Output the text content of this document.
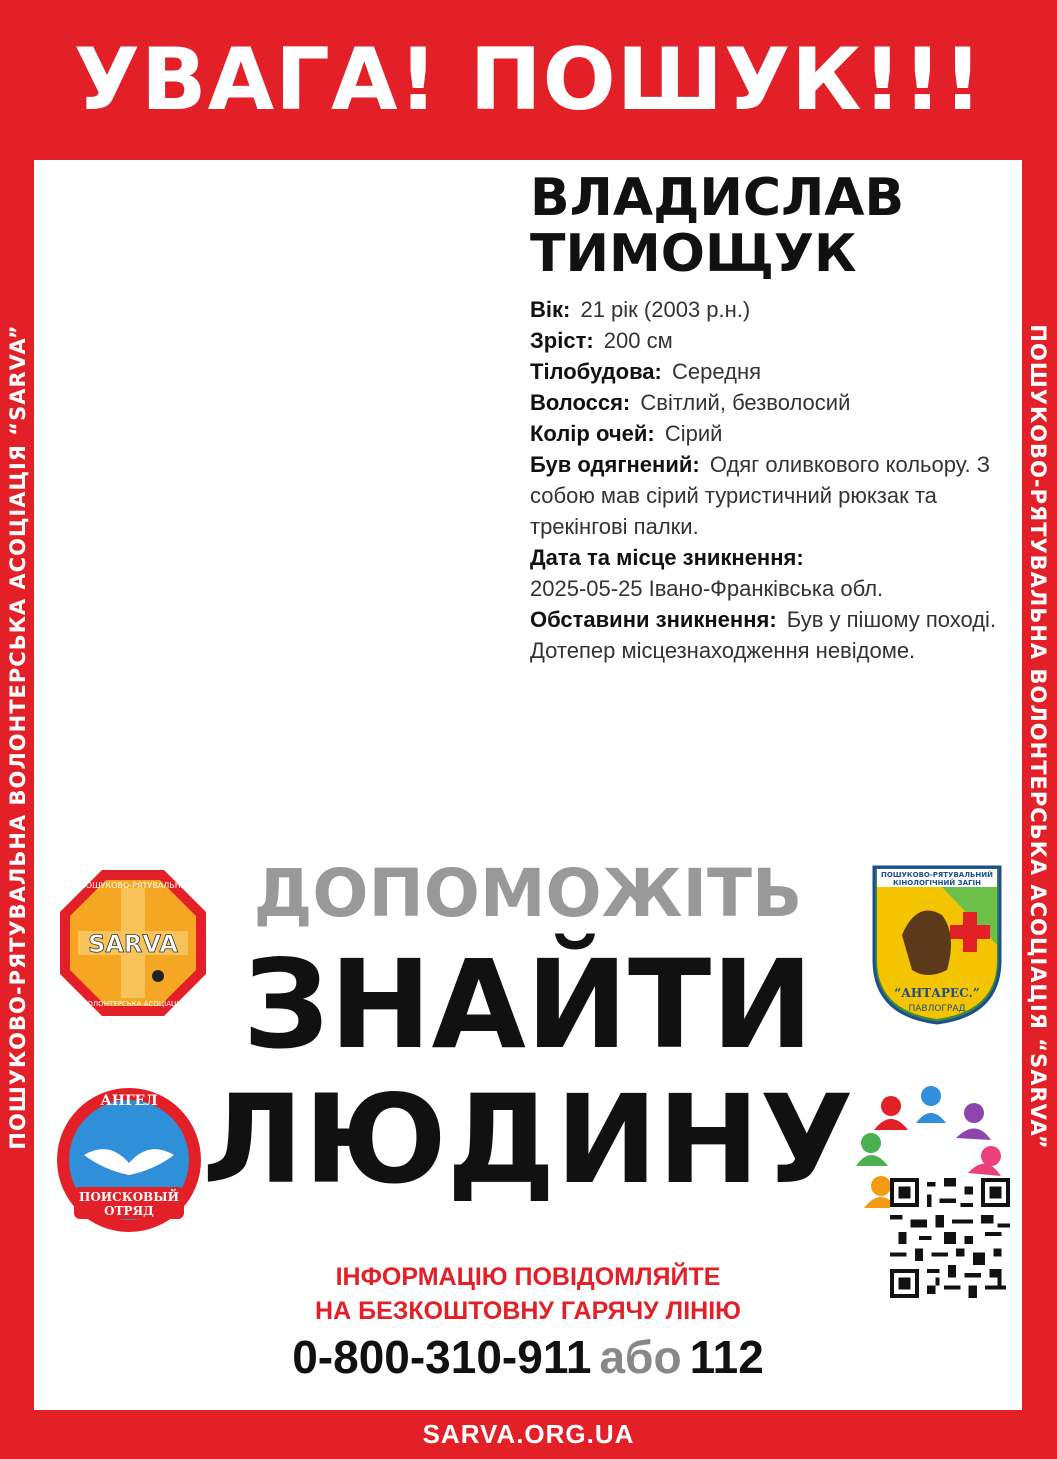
УВАГА! ПОШУК!!!
ПОШУКОВО-РЯТУВАЛЬНА ВОЛОНТЕРСЬКА АСОЦІАЦІЯ “SARVA”	ПОШУКОВО-РЯТУВАЛЬНА ВОЛОНТЕРСЬКА АСОЦІАЦІЯ “SARVA”
ВЛАДИСЛАВ
ТИМОЩУК
Вік: 21 рік (2003 р.н.)
Зріст: 200 см
Тілобудова: Середня
Волосся: Світлий, безволосий
Колір очей: Сірий
Був одягнений: Одяг оливкового кольору. З собою мав сірий туристичний рюкзак та трекінгові палки.
Дата та місце зникнення:
2025-05-25 Івано-Франківська обл.
Обставини зникнення: Був у пішому поході. Дотепер місцезнаходження невідоме.
ДОПОМОЖІТЬ
ЗНАЙТИ
ЛЮДИНУ
SARVA
ПОШУКОВО-РЯТУВАЛЬНА
ВОЛОНТЕРСЬКА АСОЦІАЦІЯ
ПОШУКОВО-РЯТУВАЛЬНИЙ
КІНОЛОГІЧНИЙ ЗАГІН
“АНТАРЕС.”
ПАВЛОГРАД
АНГЕЛ
ПОИСКОВЫЙ
ОТРЯД
ІНФОРМАЦІЮ ПОВІДОМЛЯЙТЕ
НА БЕЗКОШТОВНУ ГАРЯЧУ ЛІНІЮ
0-800-310-911 або 112
SARVA.ORG.UA
